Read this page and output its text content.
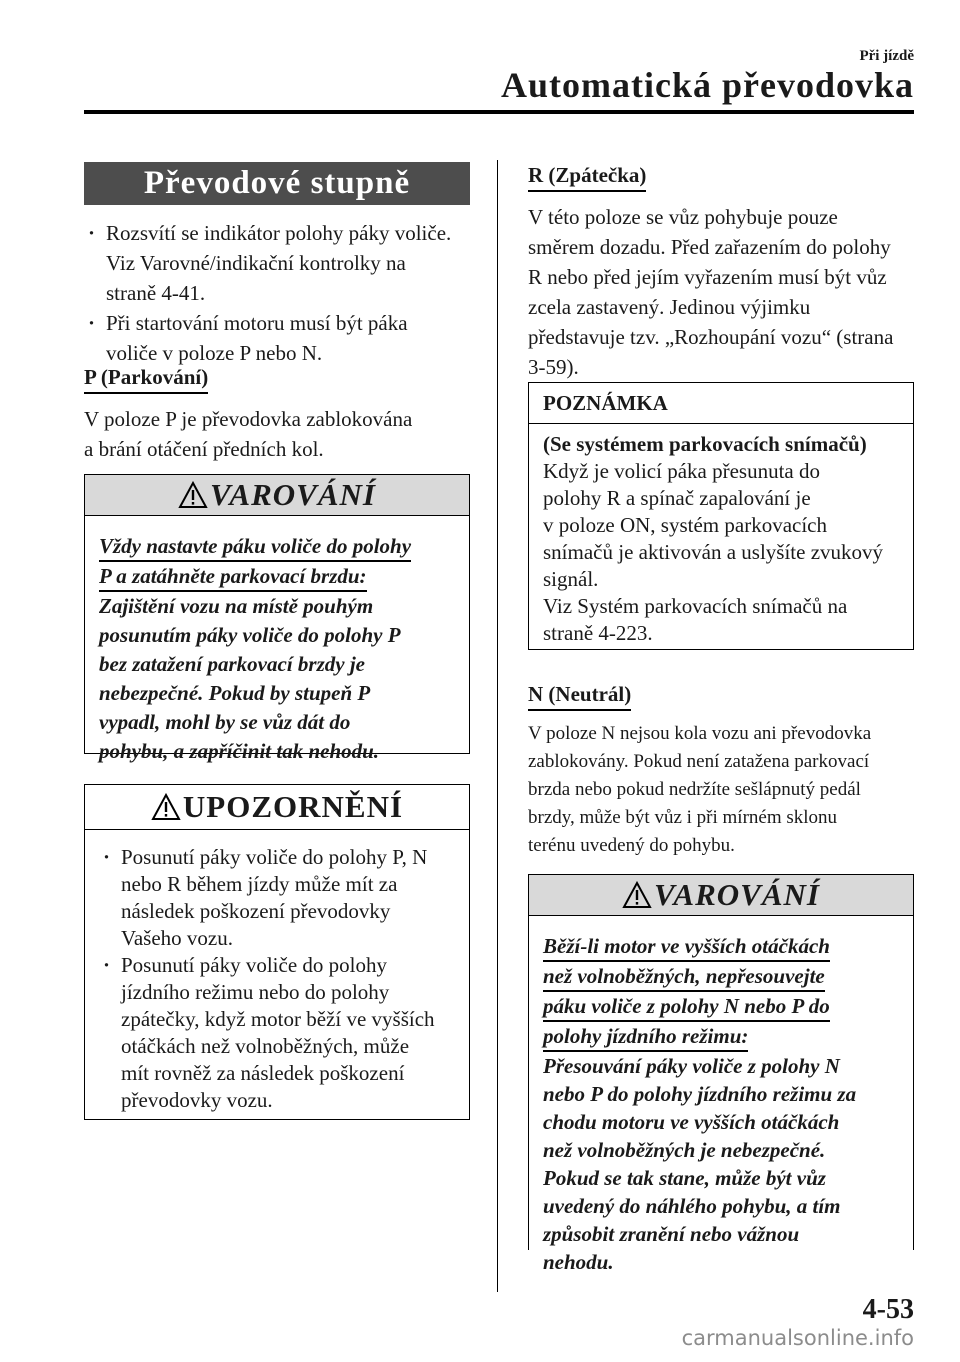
Při jízdě
Automatická převodovka
Převodové stupně
· Rozsvítí se indikátor polohy páky voliče.
Viz Varovné/indikační kontrolky na
straně 4-41.
· Při startování motoru musí být páka
voliče v poloze P nebo N.
P (Parkování)
V poloze P je převodovka zablokována
a brání otáčení předních kol.
VAROVÁNÍ
Vždy nastavte páku voliče do polohy
P a zatáhněte parkovací brzdu:
Zajištění vozu na místě pouhým
posunutím páky voliče do polohy P
bez zatažení parkovací brzdy je
nebezpečné. Pokud by stupeň P
vypadl, mohl by se vůz dát do
pohybu, a zapříčinit tak nehodu.
UPOZORNĚNÍ
· Posunutí páky voliče do polohy P, N
nebo R během jízdy může mít za
následek poškození převodovky
Vašeho vozu.
· Posunutí páky voliče do polohy
jízdního režimu nebo do polohy
zpátečky, když motor běží ve vyšších
otáčkách než volnoběžných, může
mít rovněž za následek poškození
převodovky vozu.
R (Zpátečka)
V této poloze se vůz pohybuje pouze
směrem dozadu. Před zařazením do polohy
R nebo před jejím vyřazením musí být vůz
zcela zastavený. Jedinou výjimku
představuje tzv. „Rozhoupání vozu“ (strana
3-59).
POZNÁMKA
(Se systémem parkovacích snímačů)
Když je volicí páka přesunuta do
polohy R a spínač zapalování je
v poloze ON, systém parkovacích
snímačů je aktivován a uslyšíte zvukový
signál.
Viz Systém parkovacích snímačů na
straně 4-223.
N (Neutrál)
V poloze N nejsou kola vozu ani převodovka
zablokovány. Pokud není zatažena parkovací
brzda nebo pokud nedržíte sešlápnutý pedál
brzdy, může být vůz i při mírném sklonu
terénu uvedený do pohybu.
VAROVÁNÍ
Běží-li motor ve vyšších otáčkách
než volnoběžných, nepřesouvejte
páku voliče z polohy N nebo P do
polohy jízdního režimu:
Přesouvání páky voliče z polohy N
nebo P do polohy jízdního režimu za
chodu motoru ve vyšších otáčkách
než volnoběžných je nebezpečné.
Pokud se tak stane, může být vůz
uvedený do náhlého pohybu, a tím
způsobit zranění nebo vážnou
nehodu.
4-53
carmanualsonline.info
